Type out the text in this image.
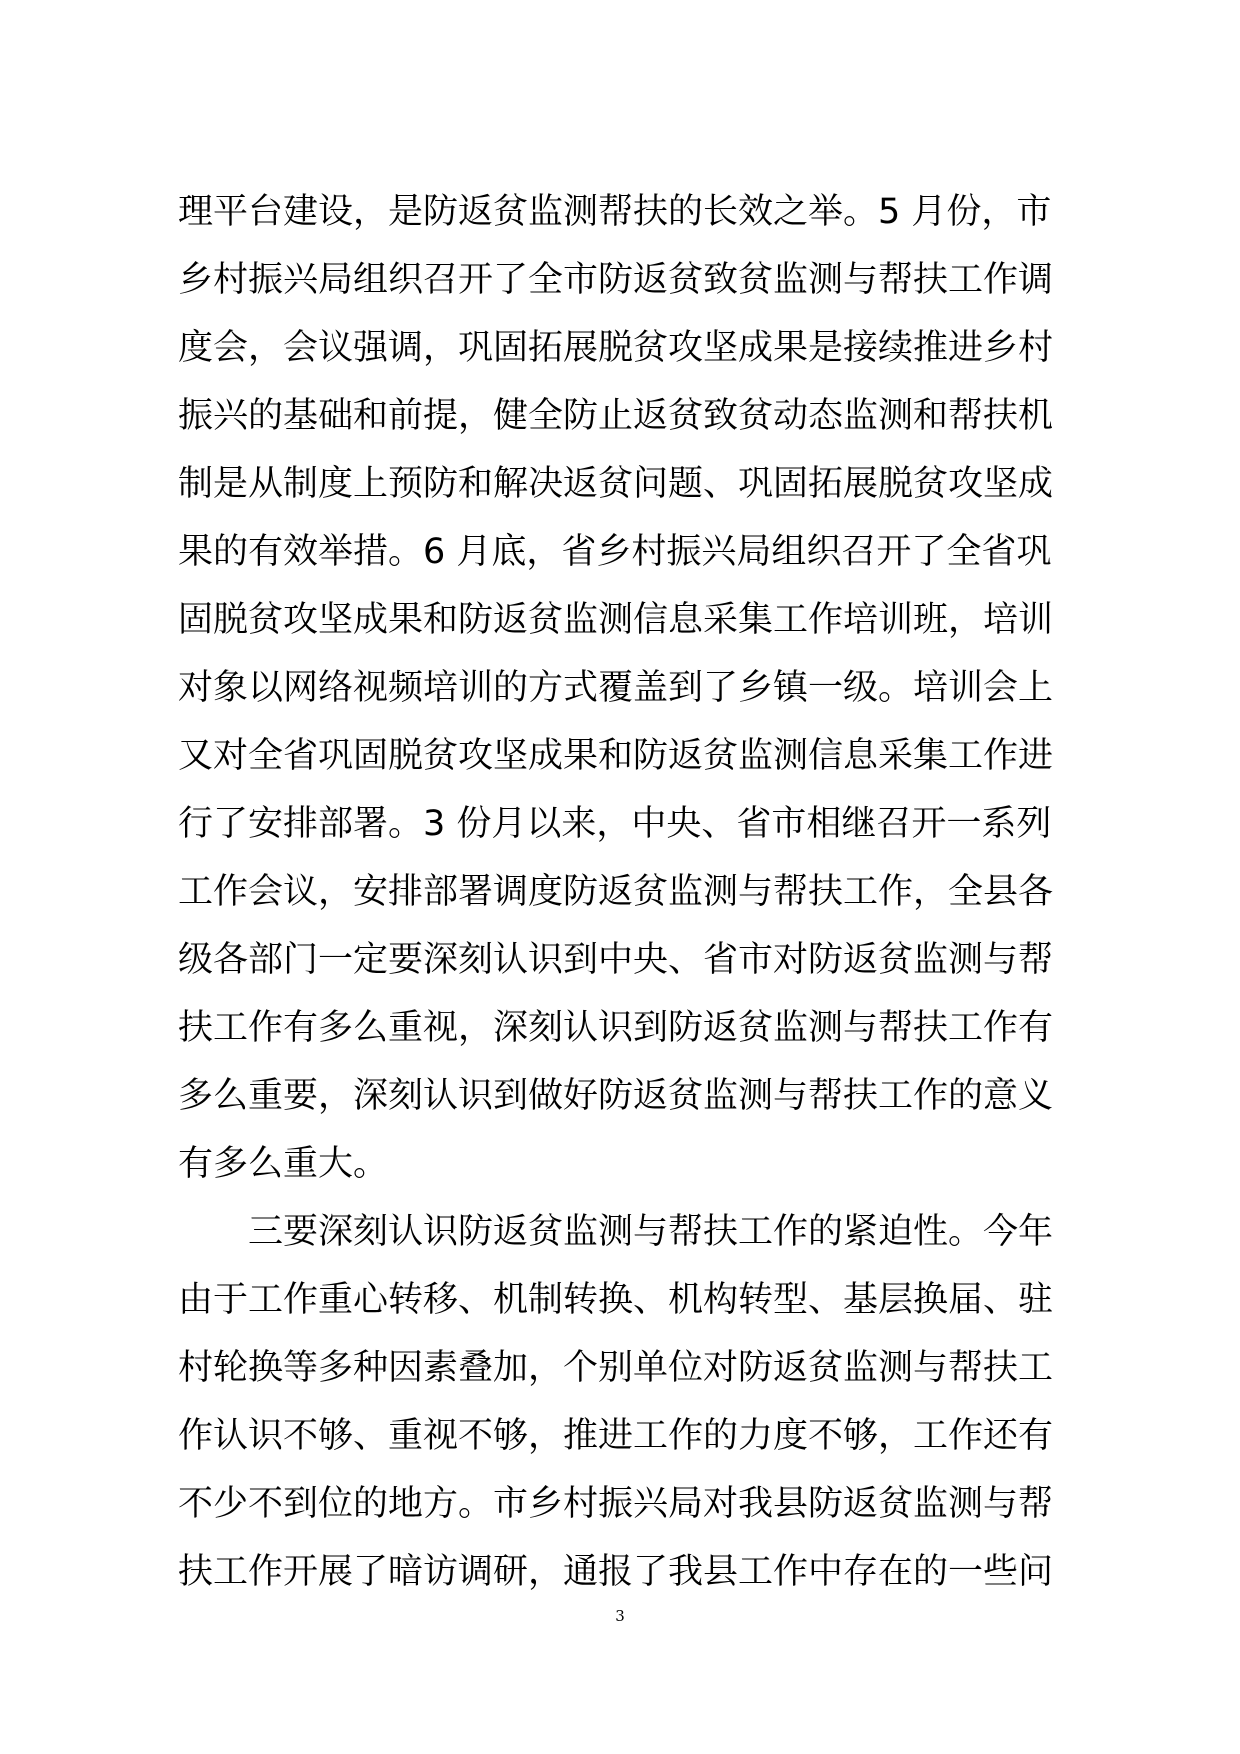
理平台建设，是防返贫监测帮扶的长效之举。5 月份，市
乡村振兴局组织召开了全市防返贫致贫监测与帮扶工作调
度会，会议强调，巩固拓展脱贫攻坚成果是接续推进乡村
振兴的基础和前提，健全防止返贫致贫动态监测和帮扶机
制是从制度上预防和解决返贫问题、巩固拓展脱贫攻坚成
果的有效举措。6 月底，省乡村振兴局组织召开了全省巩
固脱贫攻坚成果和防返贫监测信息采集工作培训班，培训
对象以网络视频培训的方式覆盖到了乡镇一级。培训会上
又对全省巩固脱贫攻坚成果和防返贫监测信息采集工作进
行了安排部署。3 份月以来，中央、省市相继召开一系列
工作会议，安排部署调度防返贫监测与帮扶工作，全县各
级各部门一定要深刻认识到中央、省市对防返贫监测与帮
扶工作有多么重视，深刻认识到防返贫监测与帮扶工作有
多么重要，深刻认识到做好防返贫监测与帮扶工作的意义
有多么重大。
三要深刻认识防返贫监测与帮扶工作的紧迫性。今年
由于工作重心转移、机制转换、机构转型、基层换届、驻
村轮换等多种因素叠加，个别单位对防返贫监测与帮扶工
作认识不够、重视不够，推进工作的力度不够，工作还有
不少不到位的地方。市乡村振兴局对我县防返贫监测与帮
扶工作开展了暗访调研，通报了我县工作中存在的一些问
3
